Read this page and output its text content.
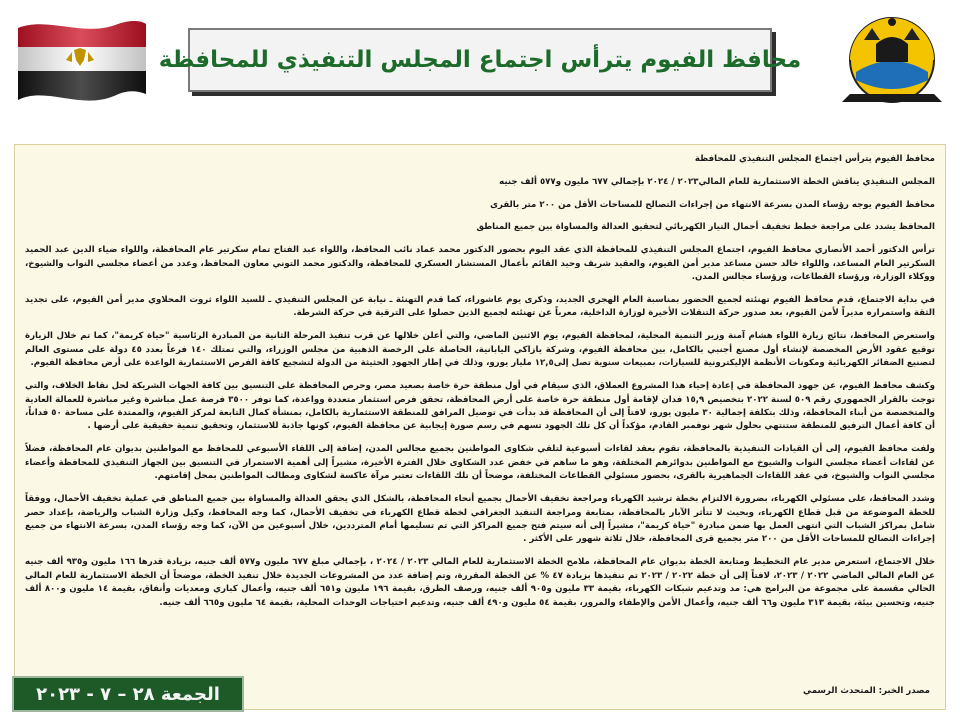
محافظ الفيوم يترأس اجتماع المجلس التنفيذي للمحافظة

محافظ الفيوم يترأس اجتماع المجلس التنفيذي للمحافظة

المجلس التنفيذي يناقش الخطة الاستثمارية للعام المالي٢٠٢٣ / ٢٠٢٤ بإجمالي ٦٧٧ مليون و٥٧٧ ألف جنيه

محافظ الفيوم يوجه رؤساء المدن بسرعة الانتهاء من إجراءات التصالح للمساحات الأقل من ٢٠٠ متر بالقرى

المحافظ يشدد على مراجعة خطط تخفيف أحمال التيار الكهربائي لتحقيق العدالة والمساواة بين جميع المناطق

ترأس الدكتور أحمد الأنصاري محافظ الفيوم، اجتماع المجلس التنفيذي للمحافظة الذي عقد اليوم بحضور الدكتور محمد عماد نائب المحافظ، واللواء عبد الفتاح تمام سكرتير عام المحافظة، واللواء ضياء الدين عبد الحميد السكرتير العام المساعد، واللواء خالد حسن مساعد مدير أمن الفيوم، والعقيد شريف وحيد القائم بأعمال المستشار العسكري للمحافظة، والدكتور محمد التوني معاون المحافظ، وعدد من أعضاء مجلسي النواب والشيوخ، ووكلاء الوزارة، ورؤساء القطاعات، ورؤساء مجالس المدن.

في بداية الاجتماع، قدم محافظ الفيوم تهنئته لجميع الحضور بمناسبة العام الهجري الجديد، وذكرى يوم عاشوراء، كما قدم التهنئة ـ نيابة عن المجلس التنفيذي ـ للسيد اللواء ثروت المحلاوي مدير أمن الفيوم، على تجديد الثقة واستمراره مديراً لأمن الفيوم، بعد صدور حركة التنقلات الأخيرة لوزارة الداخلية، معرباً عن تهنئته لجميع الذين حصلوا على الترقية في حركة الشرطة.

واستعرض المحافظ، نتائج زيارة اللواء هشام آمنة وزير التنمية المحلية، لمحافظة الفيوم، يوم الاثنين الماضي، والتي أعلن خلالها عن قرب تنفيذ المرحلة الثانية من المبادرة الرئاسية "حياة كريمة"، كما تم خلال الزيارة توقيع عقود الأرض المخصصة لإنشاء أول مصنع أجنبي بالكامل، بين محافظة الفيوم، وشركة يازاكي اليابانية، الحاصلة على الرخصة الذهبية من مجلس الوزراء، والتي تمتلك ١٤٠ فرعاً بعدد ٤٥ دولة على مستوى العالم لتصنيع الضفائر الكهربائية ومكونات الأنظمة الإليكترونية للسيارات، بمبيعات سنوية تصل إلى١٢,٥ مليار يورو، وذلك في إطار الجهود الحثيثة من الدولة لتشجيع كافة الفرص الاستثمارية الواعدة على أرض محافظة الفيوم.

وكشف محافظ الفيوم، عن جهود المحافظة في إعادة إحياء هذا المشروع العملاق، الذي سيقام في أول منطقة حرة خاصة بصعيد مصر، وحرص المحافظة على التنسيق بين كافة الجهات الشريكة لحل نقاط الخلاف، والتي توجت بالقرار الجمهوري رقم ٥٠٩ لسنة ٢٠٢٢ بتخصيص ١٥,٩ فدان لإقامة أول منطقة حرة خاصة على أرض المحافظة، تحقق فرص استثمار متعددة وواعدة، كما توفر ٣٥٠٠ فرصة عمل مباشرة وغير مباشرة للعمالة العادية والمتخصصة من أبناء المحافظة، وذلك بتكلفة إجمالية ٣٠ مليون يورو، لافتاً إلى أن المحافظة قد بدأت في توصيل المرافق للمنطقة الاستثمارية بالكامل، بمنشأة كمال التابعة لمركز الفيوم، والممتدة على مساحة ٥٠ فداناً، أن كافة أعمال الترفيق للمنطقة ستنتهي بحلول شهر نوفمبر القادم، مؤكداً أن كل تلك الجهود تسهم في رسم صورة إيجابية عن محافظة الفيوم، كونها جاذبة للاستثمار، وتحقيق تنمية حقيقية على أرضها .

ولفت محافظ الفيوم، إلى أن القيادات التنفيذية بالمحافظة، تقوم بعقد لقاءات أسبوعية لتلقي شكاوى المواطنين بجميع مجالس المدن، إضافة إلى اللقاء الأسبوعي للمحافظ مع المواطنين بديوان عام المحافظة، فضلاً عن لقاءات أعضاء مجلسي النواب والشيوخ مع المواطنين بدوائرهم المختلفة، وهو ما ساهم في خفض عدد الشكاوى خلال الفترة الأخيرة، مشيراً إلى أهمية الاستمرار في التنسيق بين الجهاز التنفيذي للمحافظة وأعضاء مجلسي النواب والشيوخ، في عقد اللقاءات الجماهيرية بالقرى، بحضور مسئولي القطاعات المختلفة، موضحاً أن تلك اللقاءات تعتبر مرآة عاكسة لشكاوى ومطالب المواطنين بمحل إقامتهم.

وشدد المحافظ، على مسئولي الكهرباء، بضرورة الالتزام بخطة ترشيد الكهرباء ومراجعة تخفيف الأحمال بجميع أنحاء المحافظة، بالشكل الذي يحقق العدالة والمساواة بين جميع المناطق في عملية تخفيف الأحمال، ووفقاً للخطة الموضوعة من قبل قطاع الكهرباء، وبحيث لا تتأثر الآبار بالمحافظة، بمتابعة ومراجعة التنفيذ الجغرافي لخطة قطاع الكهرباء في تخفيف الأحمال، كما وجه المحافظ، وكيل وزارة الشباب والرياضة، بإعداد حصر شامل بمراكز الشباب التي انتهى العمل بها ضمن مبادرة "حياة كريمة"، مشيراً إلى أنه سيتم فتح جميع المراكز التي تم تسليمها أمام المترددين، خلال أسبوعين من الآن، كما وجه رؤساء المدن، بسرعة الانتهاء من جميع إجراءات التصالح للمساحات الأقل من ٢٠٠ متر بجميع قرى المحافظة، خلال ثلاثة شهور على الأكثر .

خلال الاجتماع، استعرض مدير عام التخطيط ومتابعة الخطة بديوان عام المحافظة، ملامح الخطة الاستثمارية للعام المالي ٢٠٢٣ / ٢٠٢٤ ، بإجمالي مبلغ ٦٧٧ مليون و٥٧٧ ألف جنيه، بزيادة قدرها ١٦٦ مليون و٩٣٥ ألف جنيه عن العام المالي الماضي ٢٠٢٢ / ٢٠٢٣، لافتاً إلى أن خطة ٢٠٢٢ / ٢٠٢٣ تم تنفيذها بزيادة ٤٧ % عن الخطة المقررة، وتم إضافة عدد من المشروعات الجديدة خلال تنفيذ الخطة، موضحاً أن الخطة الاستثمارية للعام المالي الحالي مقسمة على مجموعة من البرامج هي: مد وتدعيم شبكات الكهرباء، بقيمة ٣٣ مليون و٩٠٥ ألف جنيه، ورصف الطرق، بقيمة ١٩٦ مليون و٦٥١ ألف جنيه، وأعمال كباري ومعديات وأنفاق، بقيمة ١٤ مليون و٨٠٠ ألف جنيه، وتحسين بيئة، بقيمة ٣١٣ مليون و٦٦ ألف جنيه، وأعمال الأمن والإطفاء والمرور، بقيمة ٥٤ مليون و٤٩٠ ألف جنيه، وتدعيم احتياجات الوحدات المحلية، بقيمة ٦٤ مليون و٦٦٥ ألف جنيه.

مصدر الخبر: المتحدث الرسمي
الجمعة ٢٨ – ٧ - ٢٠٢٣
